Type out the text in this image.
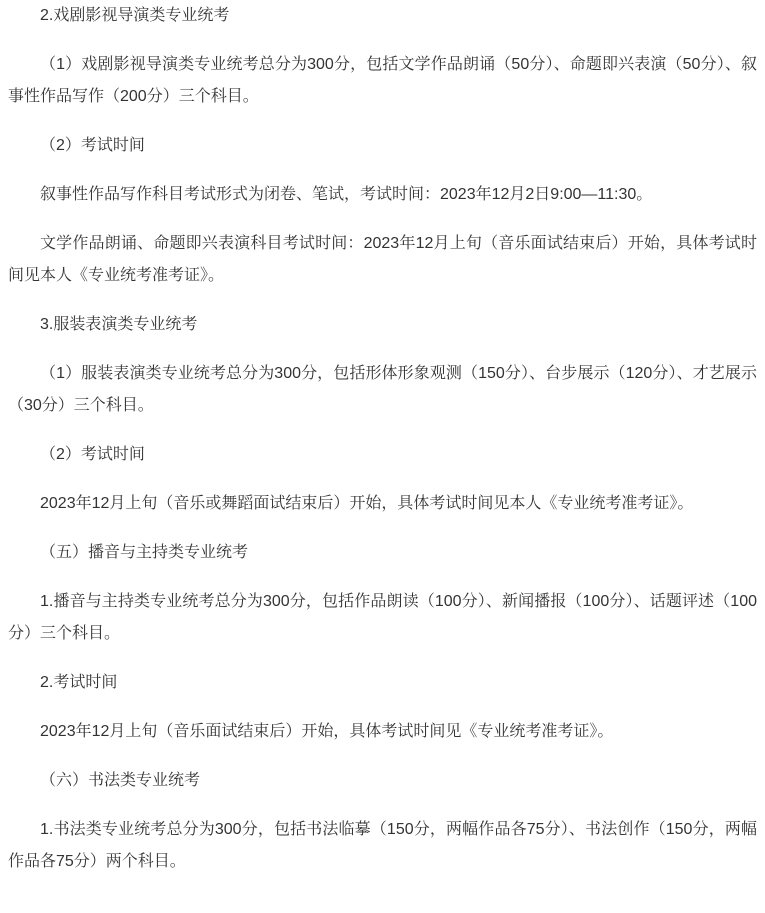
2.戏剧影视导演类专业统考

（1）戏剧影视导演类专业统考总分为300分，包括文学作品朗诵（50分）、命题即兴表演（50分）、叙事性作品写作（200分）三个科目。

（2）考试时间

叙事性作品写作科目考试形式为闭卷、笔试，考试时间：2023年12月2日9:00—11:30。

文学作品朗诵、命题即兴表演科目考试时间：2023年12月上旬（音乐面试结束后）开始，具体考试时间见本人《专业统考准考证》。

3.服装表演类专业统考

（1）服装表演类专业统考总分为300分，包括形体形象观测（150分）、台步展示（120分）、才艺展示（30分）三个科目。

（2）考试时间

2023年12月上旬（音乐或舞蹈面试结束后）开始，具体考试时间见本人《专业统考准考证》。

（五）播音与主持类专业统考

1.播音与主持类专业统考总分为300分，包括作品朗读（100分）、新闻播报（100分）、话题评述（100分）三个科目。

2.考试时间

2023年12月上旬（音乐面试结束后）开始，具体考试时间见《专业统考准考证》。

（六）书法类专业统考

1.书法类专业统考总分为300分，包括书法临摹（150分，两幅作品各75分）、书法创作（150分，两幅作品各75分）两个科目。
